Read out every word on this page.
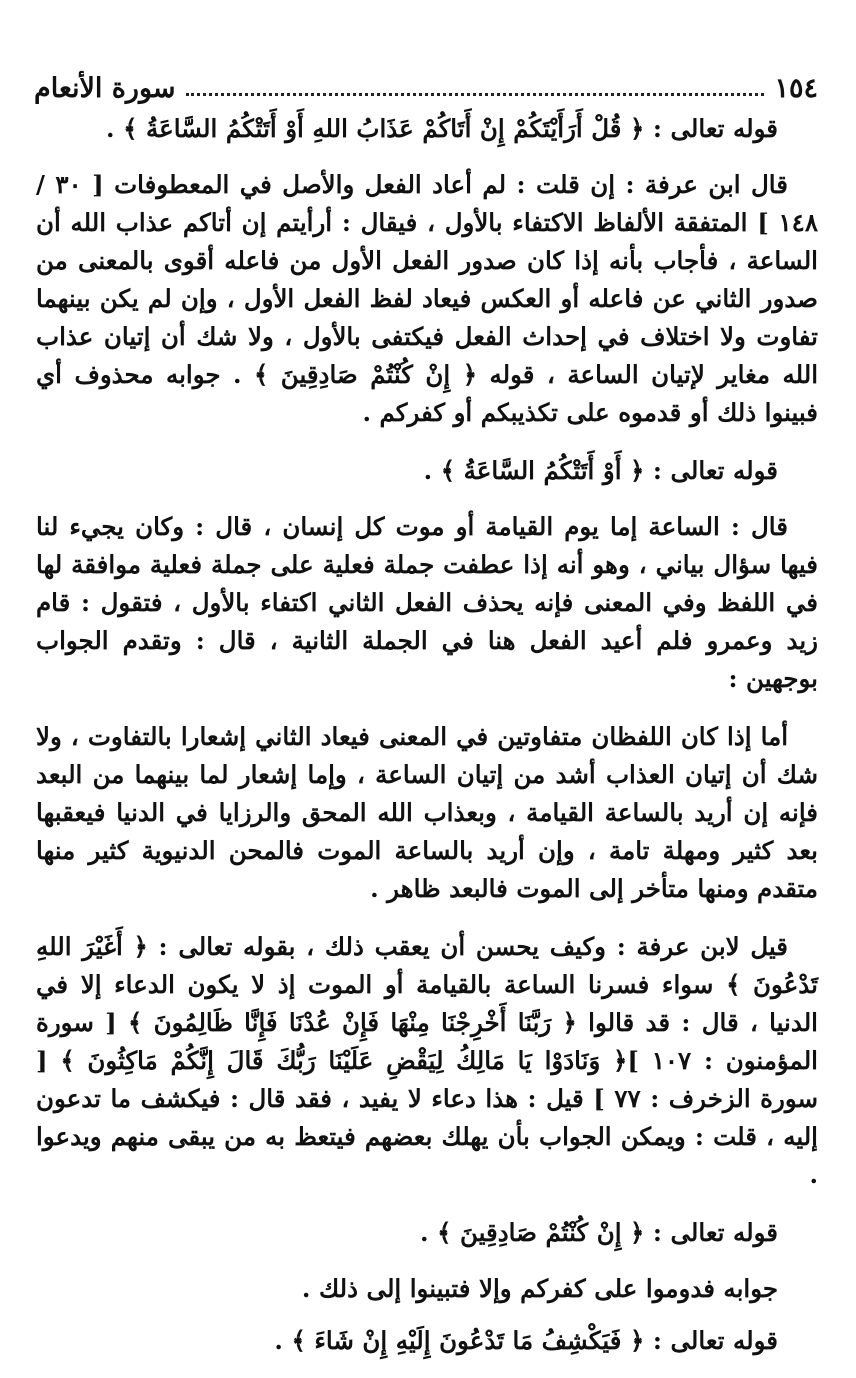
١٥٤
سورة الأنعام

قوله تعالى : ﴿ قُلْ أَرَأَيْتَكُمْ إِنْ أَتَاكُمْ عَذَابُ اللهِ أَوْ أَتَتْكُمُ السَّاعَةُ ﴾ .

قال ابن عرفة : إن قلت : لم أعاد الفعل والأصل في المعطوفات [ ٣٠ / ١٤٨ ] المتفقة الألفاظ الاكتفاء بالأول ، فيقال : أرأيتم إن أتاكم عذاب الله أن الساعة ، فأجاب بأنه إذا كان صدور الفعل الأول من فاعله أقوى بالمعنى من صدور الثاني عن فاعله أو العكس فيعاد لفظ الفعل الأول ، وإن لم يكن بينهما تفاوت ولا اختلاف في إحداث الفعل فيكتفى بالأول ، ولا شك أن إتيان عذاب الله مغاير لإتيان الساعة ، قوله ﴿ إِنْ كُنْتُمْ صَادِقِينَ ﴾ . جوابه محذوف أي فبينوا ذلك أو قدموه على تكذيبكم أو كفركم .

قوله تعالى : ﴿ أَوْ أَتَتْكُمُ السَّاعَةُ ﴾ .

قال : الساعة إما يوم القيامة أو موت كل إنسان ، قال : وكان يجيء لنا فيها سؤال بياني ، وهو أنه إذا عطفت جملة فعلية على جملة فعلية موافقة لها في اللفظ وفي المعنى فإنه يحذف الفعل الثاني اكتفاء بالأول ، فتقول : قام زيد وعمرو فلم أعيد الفعل هنا في الجملة الثانية ، قال : وتقدم الجواب بوجهين :

أما إذا كان اللفظان متفاوتين في المعنى فيعاد الثاني إشعارا بالتفاوت ، ولا شك أن إتيان العذاب أشد من إتيان الساعة ، وإما إشعار لما بينهما من البعد فإنه إن أريد بالساعة القيامة ، وبعذاب الله المحق والرزايا في الدنيا فيعقبها بعد كثير ومهلة تامة ، وإن أريد بالساعة الموت فالمحن الدنيوية كثير منها متقدم ومنها متأخر إلى الموت فالبعد ظاهر .

قيل لابن عرفة : وكيف يحسن أن يعقب ذلك ، بقوله تعالى : ﴿ أَغَيْرَ اللهِ تَدْعُونَ ﴾ سواء فسرنا الساعة بالقيامة أو الموت إذ لا يكون الدعاء إلا في الدنيا ، قال : قد قالوا ﴿ رَبَّنَا أَخْرِجْنَا مِنْهَا فَإِنْ عُدْنَا فَإِنَّا ظَالِمُونَ ﴾ [ سورة المؤمنون : ١٠٧ ]﴿ وَنَادَوْا يَا مَالِكُ لِيَقْضِ عَلَيْنَا رَبُّكَ قَالَ إِنَّكُمْ مَاكِثُونَ ﴾ [ سورة الزخرف : ٧٧ ] قيل : هذا دعاء لا يفيد ، فقد قال : فيكشف ما تدعون إليه ، قلت : ويمكن الجواب بأن يهلك بعضهم فيتعظ به من يبقى منهم ويدعوا .

قوله تعالى : ﴿ إِنْ كُنْتُمْ صَادِقِينَ ﴾ .

جوابه فدوموا على كفركم وإلا فتبينوا إلى ذلك .

قوله تعالى : ﴿ فَيَكْشِفُ مَا تَدْعُونَ إِلَيْهِ إِنْ شَاءَ ﴾ .
